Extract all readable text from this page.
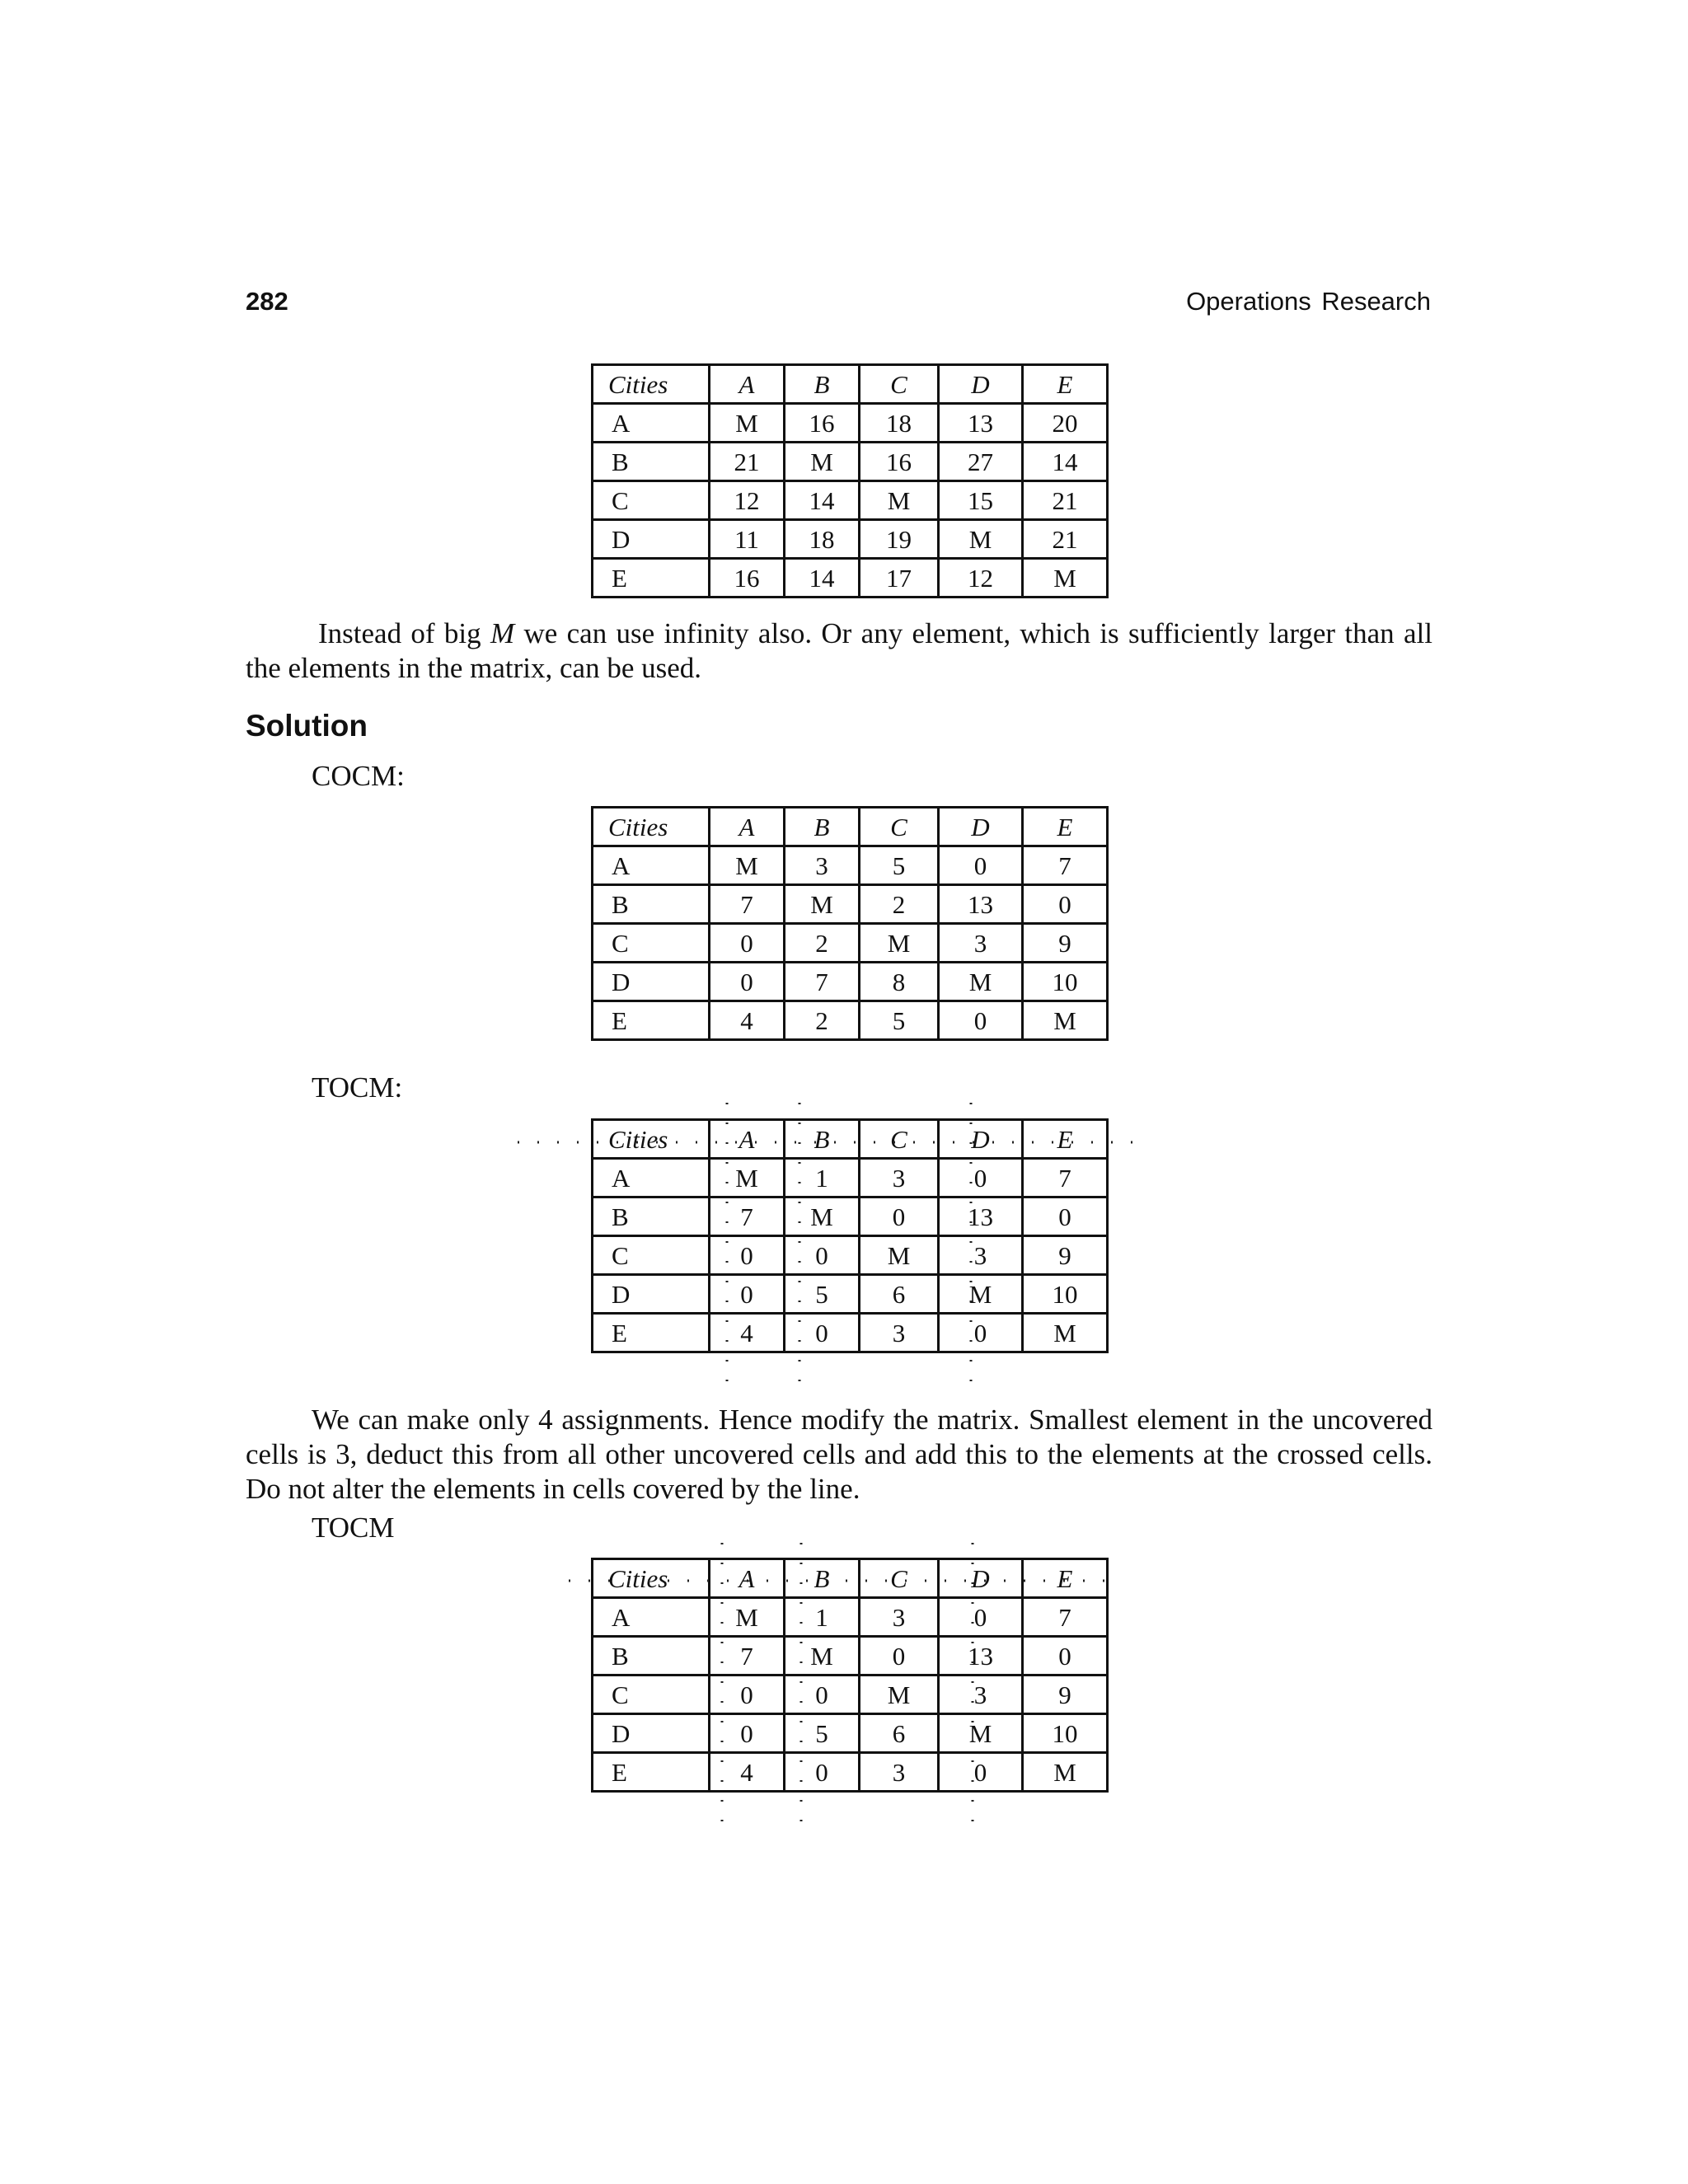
282	Operations Research
Cities	A	B	C	D	E
A	M	16	18	13	20
B	21	M	16	27	14
C	12	14	M	15	21
D	11	18	19	M	21
E	16	14	17	12	M

Instead of big M we can use infinity also. Or any element, which is sufficiently larger than all the elements in the matrix, can be used.

Solution
COCM:
Cities	A	B	C	D	E
A	M	3	5	0	7
B	7	M	2	13	0
C	0	2	M	3	9
D	0	7	8	M	10
E	4	2	5	0	M
TOCM:
Cities	A	B	C	D	E
A	M	1	3	0	7
B	7	M	0	13	0
C	0	0	M	3	9
D	0	5	6	M	10
E	4	0	3	0	M

We can make only 4 assignments. Hence modify the matrix. Smallest element in the uncovered cells is 3, deduct this from all other uncovered cells and add this to the elements at the crossed cells. Do not alter the elements in cells covered by the line.

TOCM
Cities	A	B	C	D	E
A	M	1	3	0	7
B	7	M	0	13	0
C	0	0	M	3	9
D	0	5	6	M	10
E	4	0	3	0	M
